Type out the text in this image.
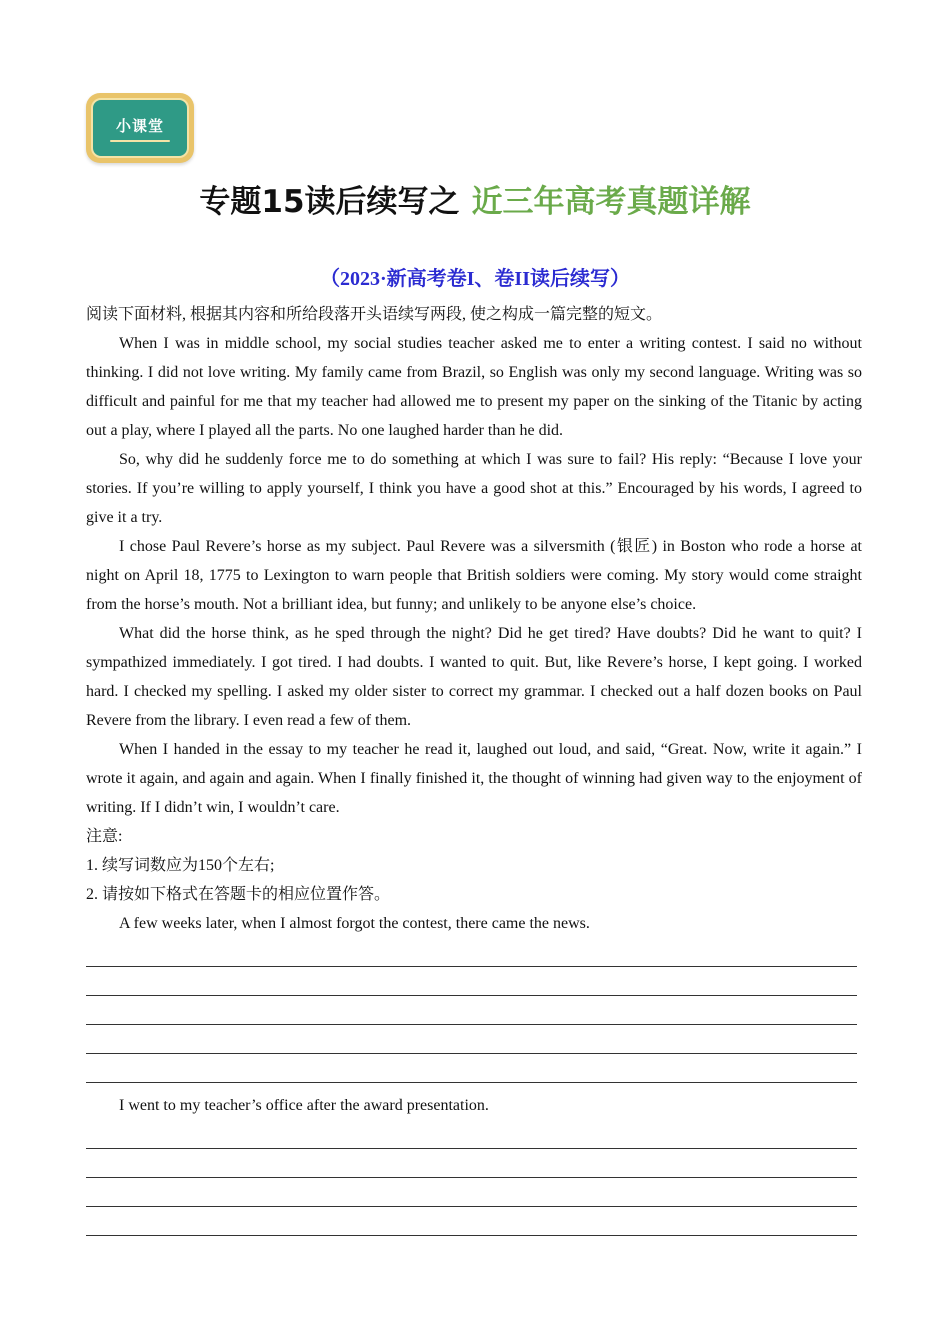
小课堂
专题15读后续写之 近三年高考真题详解
（2023·新高考卷I、卷II读后续写）

阅读下面材料, 根据其内容和所给段落开头语续写两段, 使之构成一篇完整的短文。

When I was in middle school, my social studies teacher asked me to enter a writing contest. I said no without thinking. I did not love writing. My family came from Brazil, so English was only my second language. Writing was so difficult and painful for me that my teacher had allowed me to present my paper on the sinking of the Titanic by acting out a play, where I played all the parts. No one laughed harder than he did.

So, why did he suddenly force me to do something at which I was sure to fail? His reply: “Because I love your stories. If you’re willing to apply yourself, I think you have a good shot at this.” Encouraged by his words, I agreed to give it a try.

I chose Paul Revere’s horse as my subject. Paul Revere was a silversmith (银匠) in Boston who rode a horse at night on April 18, 1775 to Lexington to warn people that British soldiers were coming. My story would come straight from the horse’s mouth. Not a brilliant idea, but funny; and unlikely to be anyone else’s choice.

What did the horse think, as he sped through the night? Did he get tired? Have doubts? Did he want to quit? I sympathized immediately. I got tired. I had doubts. I wanted to quit. But, like Revere’s horse, I kept going. I worked hard. I checked my spelling. I asked my older sister to correct my grammar. I checked out a half dozen books on Paul Revere from the library. I even read a few of them.

When I handed in the essay to my teacher he read it, laughed out loud, and said, “Great. Now, write it again.” I wrote it again, and again and again. When I finally finished it, the thought of winning had given way to the enjoyment of writing. If I didn’t win, I wouldn’t care.

注意:

1. 续写词数应为150个左右;

2. 请按如下格式在答题卡的相应位置作答。

A few weeks later, when I almost forgot the contest, there came the news.

I went to my teacher’s office after the award presentation.
